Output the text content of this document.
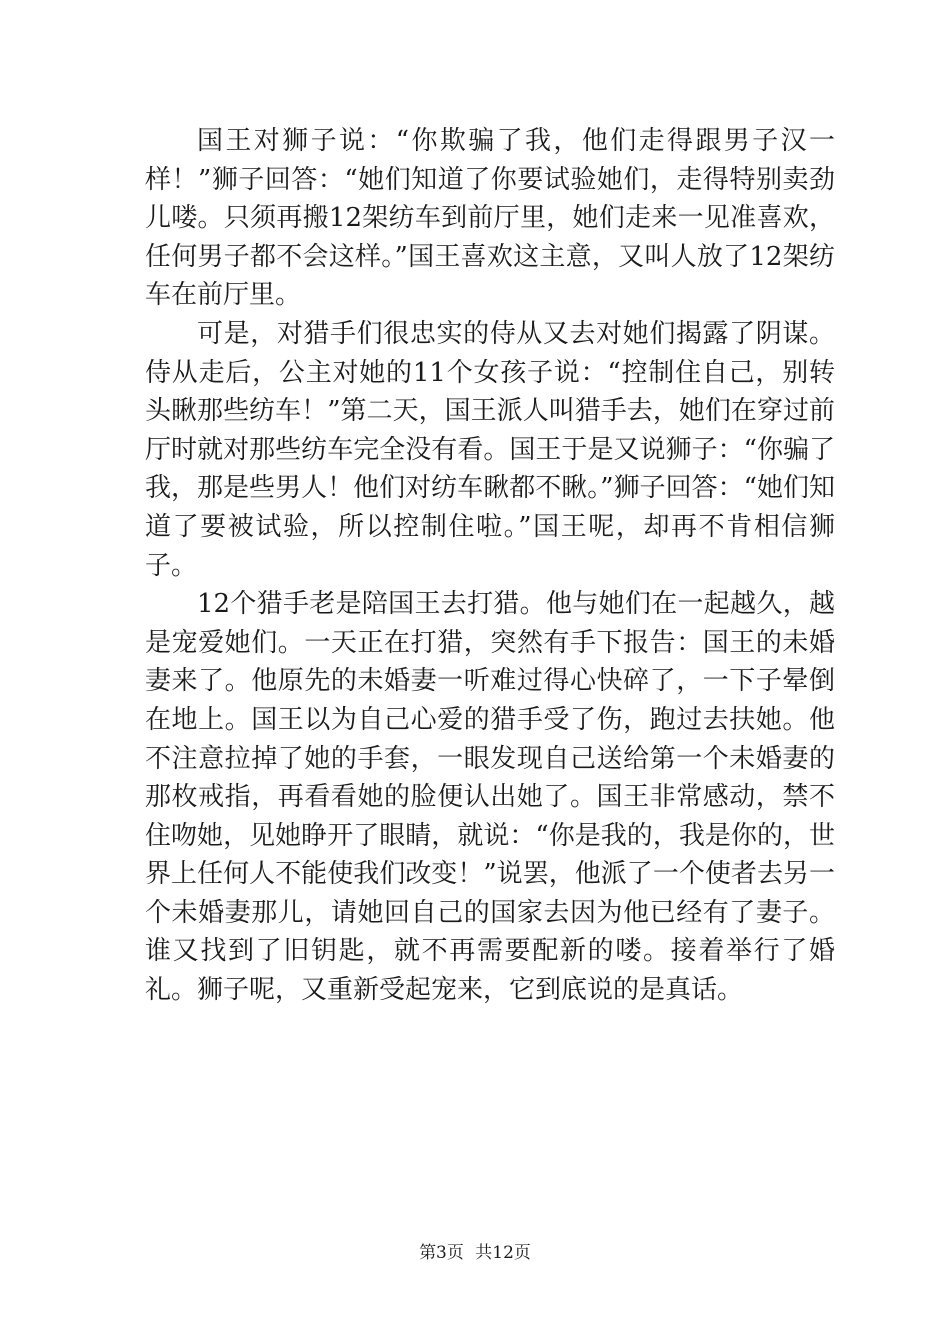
国王对狮子说：“你欺骗了我，他们走得跟男子汉一样！”狮子回答：“她们知道了你要试验她们，走得特别卖劲儿喽。只须再搬12架纺车到前厅里，她们走来一见准喜欢，任何男子都不会这样。”国王喜欢这主意，又叫人放了12架纺车在前厅里。

可是，对猎手们很忠实的侍从又去对她们揭露了阴谋。侍从走后，公主对她的11个女孩子说：“控制住自己，别转头瞅那些纺车！”第二天，国王派人叫猎手去，她们在穿过前厅时就对那些纺车完全没有看。国王于是又说狮子：“你骗了我，那是些男人！他们对纺车瞅都不瞅。”狮子回答：“她们知道了要被试验，所以控制住啦。”国王呢，却再不肯相信狮子。

12个猎手老是陪国王去打猎。他与她们在一起越久，越是宠爱她们。一天正在打猎，突然有手下报告：国王的未婚妻来了。他原先的未婚妻一听难过得心快碎了，一下子晕倒在地上。国王以为自己心爱的猎手受了伤，跑过去扶她。他不注意拉掉了她的手套，一眼发现自己送给第一个未婚妻的那枚戒指，再看看她的脸便认出她了。国王非常感动，禁不住吻她，见她睁开了眼睛，就说：“你是我的，我是你的，世界上任何人不能使我们改变！”说罢，他派了一个使者去另一个未婚妻那儿，请她回自己的国家去因为他已经有了妻子。谁又找到了旧钥匙，就不再需要配新的喽。接着举行了婚礼。狮子呢，又重新受起宠来，它到底说的是真话。

第3页 共12页
